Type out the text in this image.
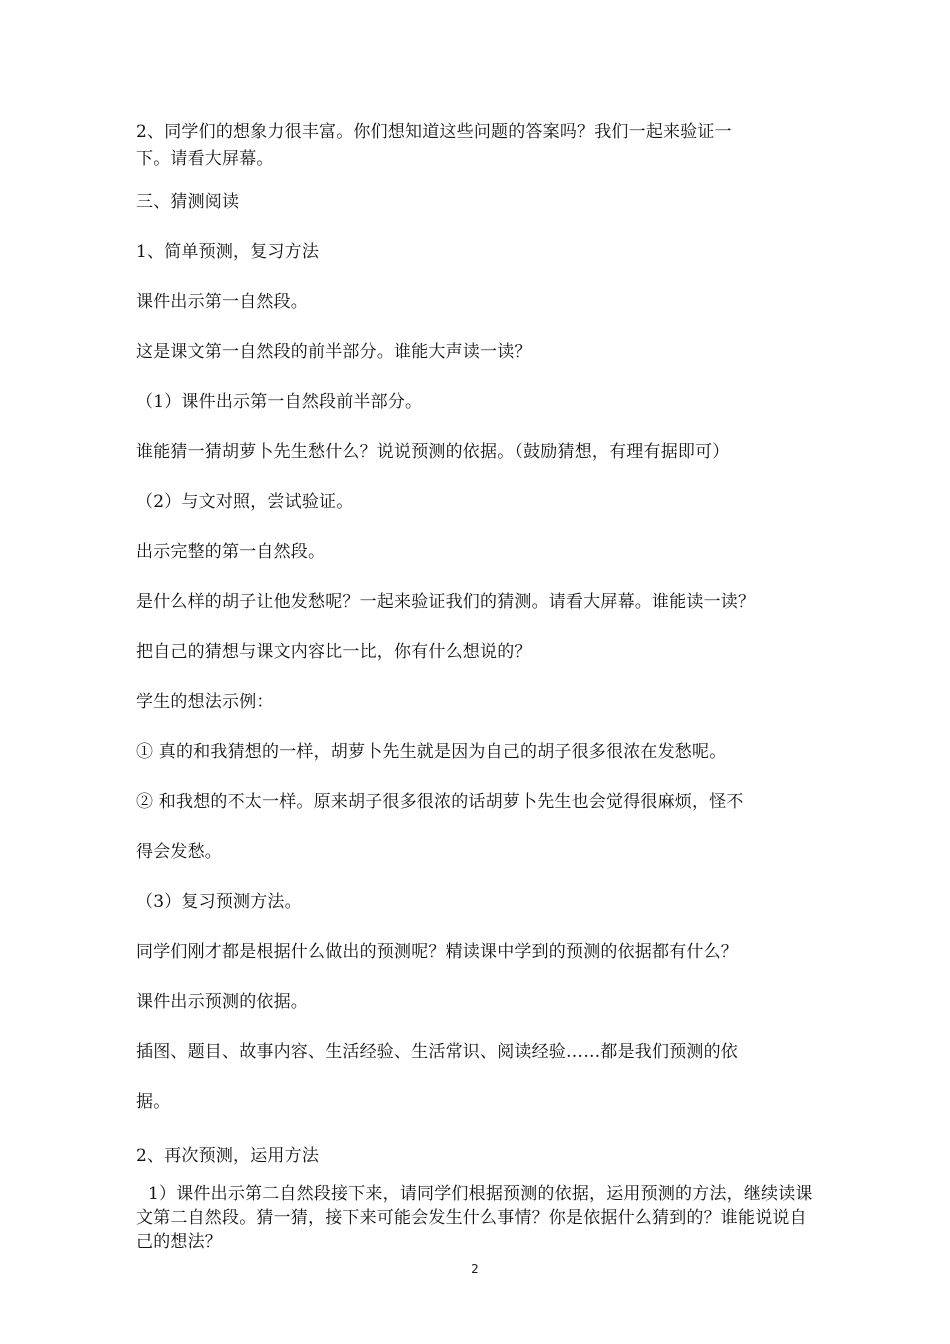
2、同学们的想象力很丰富。你们想知道这些问题的答案吗？我们一起来验证一
下。请看大屏幕。
三、猜测阅读
1、简单预测，复习方法
课件出示第一自然段。
这是课文第一自然段的前半部分。谁能大声读一读？
（1）课件出示第一自然段前半部分。
谁能猜一猜胡萝卜先生愁什么？说说预测的依据。（鼓励猜想，有理有据即可）
（2）与文对照，尝试验证。
出示完整的第一自然段。
是什么样的胡子让他发愁呢？一起来验证我们的猜测。请看大屏幕。谁能读一读？
把自己的猜想与课文内容比一比，你有什么想说的？
学生的想法示例：
① 真的和我猜想的一样，胡萝卜先生就是因为自己的胡子很多很浓在发愁呢。
② 和我想的不太一样。原来胡子很多很浓的话胡萝卜先生也会觉得很麻烦，怪不
得会发愁。
（3）复习预测方法。
同学们刚才都是根据什么做出的预测呢？精读课中学到的预测的依据都有什么？
课件出示预测的依据。
插图、题目、故事内容、生活经验、生活常识、阅读经验……都是我们预测的依
据。
2、再次预测，运用方法
1）课件出示第二自然段接下来，请同学们根据预测的依据，运用预测的方法，继续读课文第二自然段。猜一猜，接下来可能会发生什么事情？你是依据什么猜到的？谁能说说自己的想法？
2
